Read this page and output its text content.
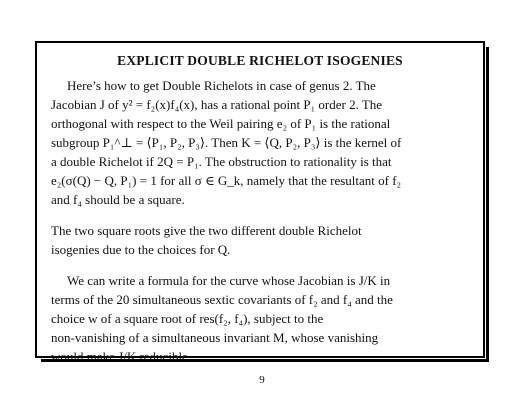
EXPLICIT DOUBLE RICHELOT ISOGENIES
Here’s how to get Double Richelots in case of genus 2. The
Jacobian J of y² = f₂(x)f₄(x), has a rational point P₁ order 2. The
orthogonal with respect to the Weil pairing e₂ of P₁ is the rational
subgroup P₁^⊥ = ⟨P₁, P₂, P₃⟩. Then K = ⟨Q, P₂, P₃⟩ is the kernel of
a double Richelot if 2Q = P₁. The obstruction to rationality is that
e₂(σ(Q) − Q, P₁) = 1 for all σ ∈ G_k, namely that the resultant of f₂
and f₄ should be a square.
The two square roots give the two different double Richelot
isogenies due to the choices for Q.
We can write a formula for the curve whose Jacobian is J/K in
terms of the 20 simultaneous sextic covariants of f₂ and f₄ and the
choice w of a square root of res(f₂, f₄), subject to the
non-vanishing of a simultaneous invariant M, whose vanishing
would make J/K reducible.
9
